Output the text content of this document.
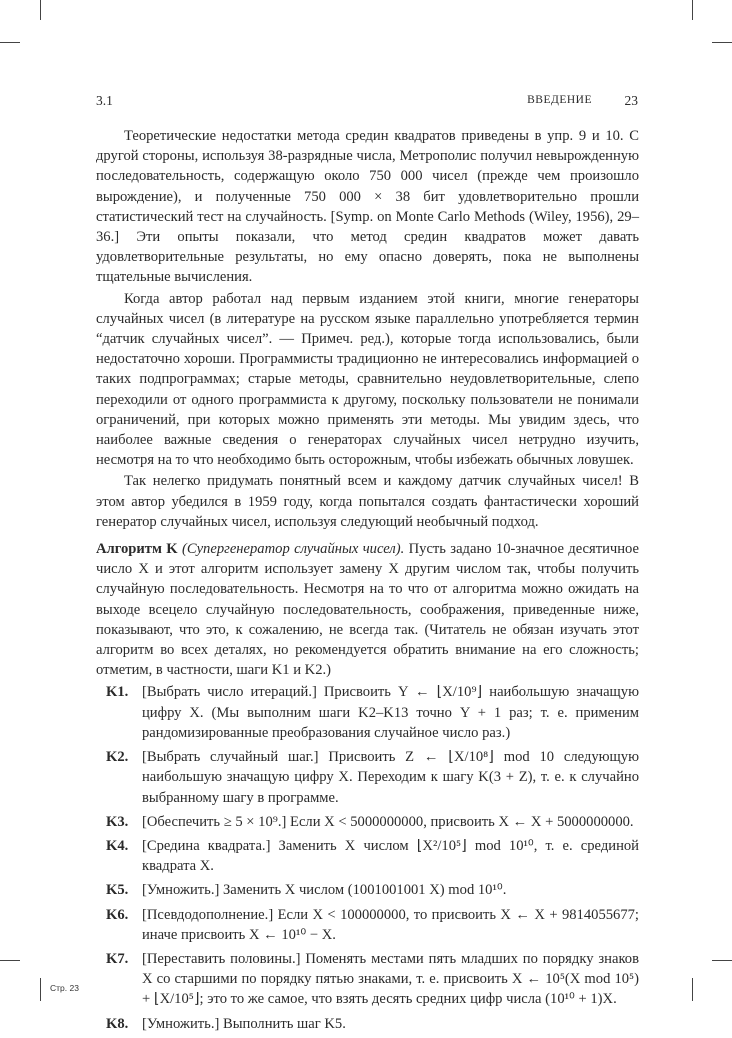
3.1	ВВЕДЕНИЕ 23

Теоретические недостатки метода средин квадратов приведены в упр. 9 и 10. С другой стороны, используя 38-разрядные числа, Метрополис получил невырожденную последовательность, содержащую около 750 000 чисел (прежде чем произошло вырождение), и полученные 750 000 × 38 бит удовлетворительно прошли статистический тест на случайность. [Symp. on Monte Carlo Methods (Wiley, 1956), 29–36.] Эти опыты показали, что метод средин квадратов может давать удовлетворительные результаты, но ему опасно доверять, пока не выполнены тщательные вычисления.

Когда автор работал над первым изданием этой книги, многие генераторы случайных чисел (в литературе на русском языке параллельно употребляется термин “датчик случайных чисел”. — Примеч. ред.), которые тогда использовались, были недостаточно хороши. Программисты традиционно не интересовались информацией о таких подпрограммах; старые методы, сравнительно неудовлетворительные, слепо переходили от одного программиста к другому, поскольку пользователи не понимали ограничений, при которых можно применять эти методы. Мы увидим здесь, что наиболее важные сведения о генераторах случайных чисел нетрудно изучить, несмотря на то что необходимо быть осторожным, чтобы избежать обычных ловушек.

Так нелегко придумать понятный всем и каждому датчик случайных чисел! В этом автор убедился в 1959 году, когда попытался создать фантастически хороший генератор случайных чисел, используя следующий необычный подход.

Алгоритм K (Супергенератор случайных чисел). Пусть задано 10-значное десятичное число X и этот алгоритм использует замену X другим числом так, чтобы получить случайную последовательность. Несмотря на то что от алгоритма можно ожидать на выходе всецело случайную последовательность, соображения, приведенные ниже, показывают, что это, к сожалению, не всегда так. (Читатель не обязан изучать этот алгоритм во всех деталях, но рекомендуется обратить внимание на его сложность; отметим, в частности, шаги K1 и K2.)

K1. [Выбрать число итераций.] Присвоить Y ← ⌊X/10⁹⌋ наибольшую значащую цифру X. (Мы выполним шаги K2–K13 точно Y + 1 раз; т. е. применим рандомизированные преобразования случайное число раз.)
K2. [Выбрать случайный шаг.] Присвоить Z ← ⌊X/10⁸⌋ mod 10 следующую наибольшую значащую цифру X. Переходим к шагу K(3 + Z), т. е. к случайно выбранному шагу в программе.
K3. [Обеспечить ≥ 5 × 10⁹.] Если X < 5000000000, присвоить X ← X + 5000000000.
K4. [Средина квадрата.] Заменить X числом ⌊X²/10⁵⌋ mod 10¹⁰, т. е. срединой квадрата X.
K5. [Умножить.] Заменить X числом (1001001001 X) mod 10¹⁰.
K6. [Псевдодополнение.] Если X < 100000000, то присвоить X ← X + 9814055677; иначе присвоить X ← 10¹⁰ − X.
K7. [Переставить половины.] Поменять местами пять младших по порядку знаков X со старшими по порядку пятью знаками, т. е. присвоить X ← 10⁵(X mod 10⁵) + ⌊X/10⁵⌋; это то же самое, что взять десять средних цифр числа (10¹⁰ + 1)X.
K8. [Умножить.] Выполнить шаг K5.
Стр. 23
